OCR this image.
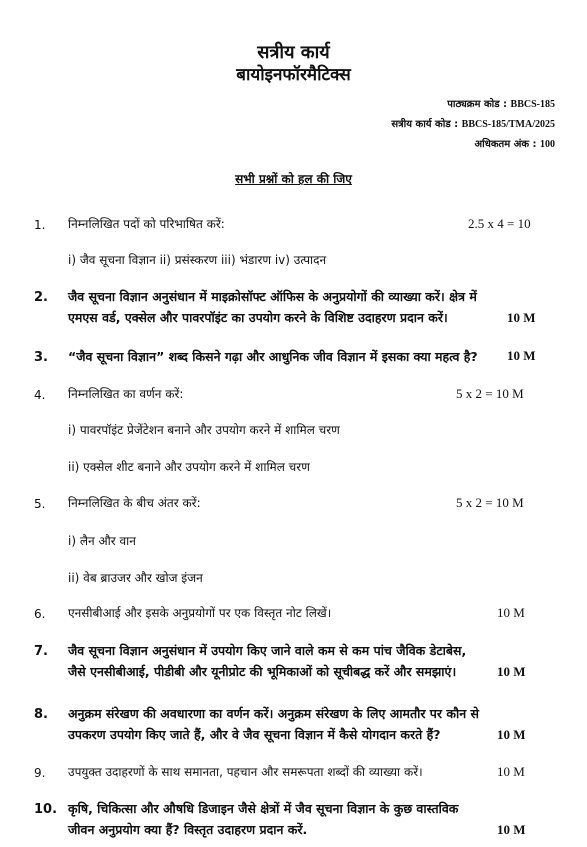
सत्रीय कार्य
बायोइनफॉरमैटिक्स
पाठ्यक्रम कोड : BBCS-185
सत्रीय कार्य कोड : BBCS-185/TMA/2025
अधिकतम अंक : 100
सभी प्रश्नों को हल की जिए
1. निम्नलिखित पदों को परिभाषित करें:	2.5 x 4 = 10
i) जैव सूचना विज्ञान ii) प्रसंस्करण iii) भंडारण iv) उत्पादन
2. जैव सूचना विज्ञान अनुसंधान में माइक्रोसॉफ्ट ऑफिस के अनुप्रयोगों की व्याख्या करें। क्षेत्र में
एमएस वर्ड, एक्सेल और पावरपॉइंट का उपयोग करने के विशिष्ट उदाहरण प्रदान करें।	10 M
3. “जैव सूचना विज्ञान” शब्द किसने गढ़ा और आधुनिक जीव विज्ञान में इसका क्या महत्व है? 10 M
4. निम्नलिखित का वर्णन करें:	5 x 2 = 10 M
i) पावरपॉइंट प्रेजेंटेशन बनाने और उपयोग करने में शामिल चरण
ii) एक्सेल शीट बनाने और उपयोग करने में शामिल चरण
5. निम्नलिखित के बीच अंतर करें:	5 x 2 = 10 M
i) लैन और वान
ii) वेब ब्राउजर और खोज इंजन
6. एनसीबीआई और इसके अनुप्रयोगों पर एक विस्तृत नोट लिखें।	10 M
7. जैव सूचना विज्ञान अनुसंधान में उपयोग किए जाने वाले कम से कम पांच जैविक डेटाबेस,
जैसे एनसीबीआई, पीडीबी और यूनीप्रोट की भूमिकाओं को सूचीबद्ध करें और समझाएं।	10 M
8. अनुक्रम संरेखण की अवधारणा का वर्णन करें। अनुक्रम संरेखण के लिए आमतौर पर कौन से
उपकरण उपयोग किए जाते हैं, और वे जैव सूचना विज्ञान में कैसे योगदान करते हैं?	10 M
9. उपयुक्त उदाहरणों के साथ समानता, पहचान और समरूपता शब्दों की व्याख्या करें।	10 M
10. कृषि, चिकित्सा और औषधि डिजाइन जैसे क्षेत्रों में जैव सूचना विज्ञान के कुछ वास्तविक
जीवन अनुप्रयोग क्या हैं? विस्तृत उदाहरण प्रदान करें.	10 M
